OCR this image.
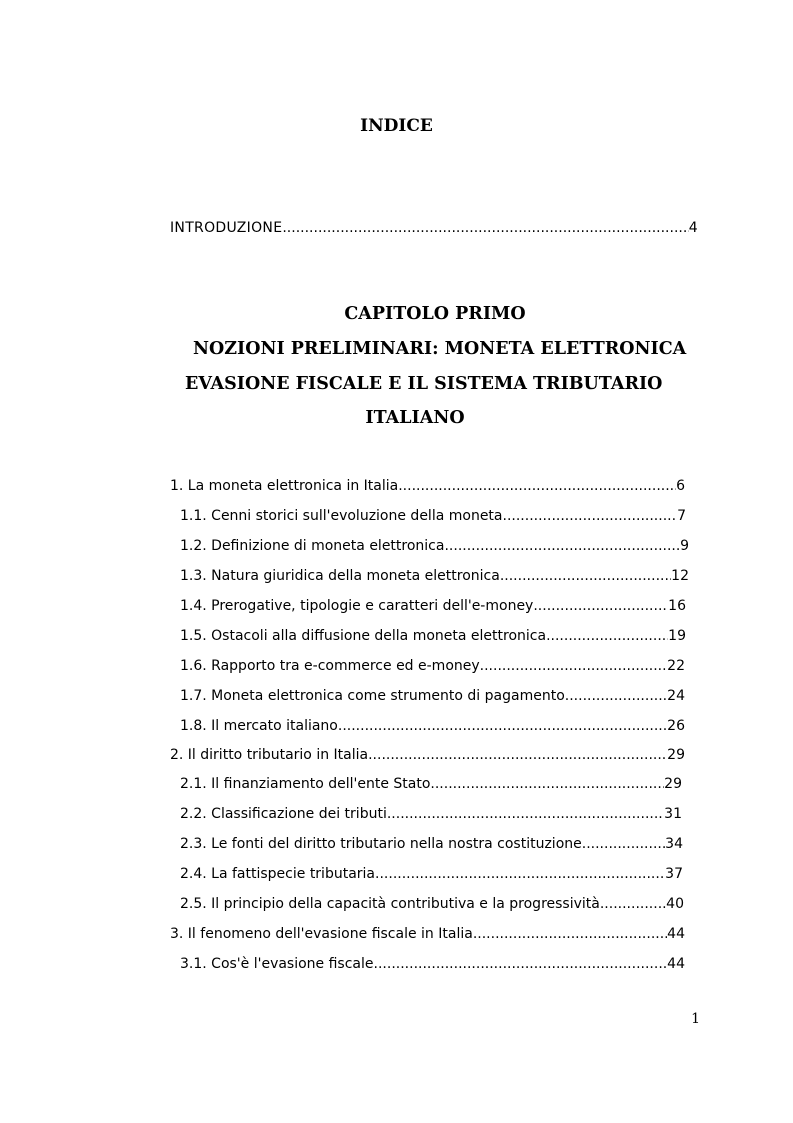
INDICE
INTRODUZIONE .....	4
CAPITOLO PRIMO
NOZIONI PRELIMINARI: MONETA ELETTRONICA
EVASIONE FISCALE E IL SISTEMA TRIBUTARIO
ITALIANO
1. La moneta elettronica in Italia .....	6
1.1. Cenni storici sull'evoluzione della moneta .....	7
1.2. Definizione di moneta elettronica .....	9
1.3. Natura giuridica della moneta elettronica .....	12
1.4. Prerogative, tipologie e caratteri dell'e-money .....	16
1.5. Ostacoli alla diffusione della moneta elettronica .....	19
1.6. Rapporto tra e-commerce ed e-money .....	22
1.7. Moneta elettronica come strumento di pagamento .....	24
1.8. Il mercato italiano .....	26
2. Il diritto tributario in Italia .....	29
2.1. Il finanziamento dell'ente Stato .....	29
2.2. Classificazione dei tributi .....	31
2.3. Le fonti del diritto tributario nella nostra costituzione .....	34
2.4. La fattispecie tributaria .....	37
2.5. Il principio della capacità contributiva e la progressività .....	40
3. Il fenomeno dell'evasione fiscale in Italia .....	44
3.1. Cos'è l'evasione fiscale .....	44
1
